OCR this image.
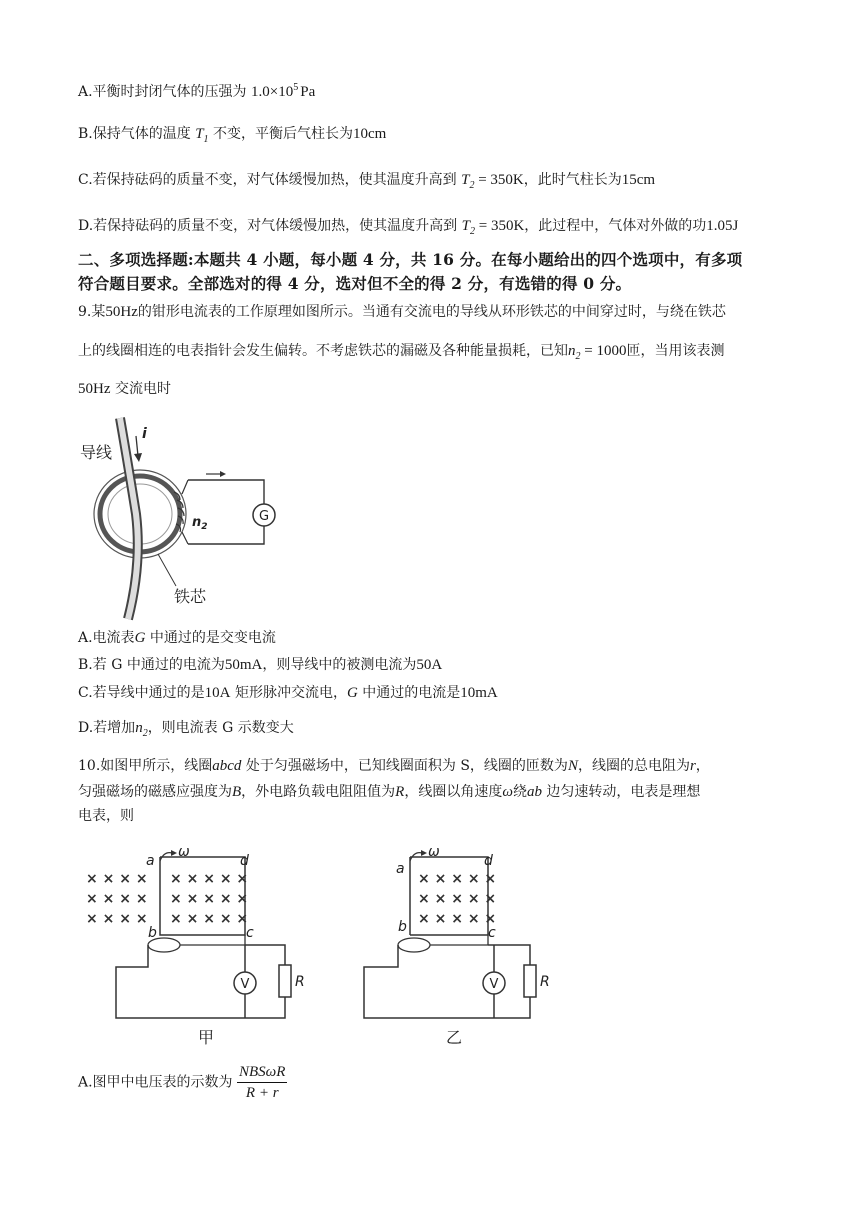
A.平衡时封闭气体的压强为 $1.0\times 10^5$ Pa
B.保持气体的温度 $T_1$ 不变，平衡后气柱长为10cm
C.若保持砝码的质量不变，对气体缓慢加热，使其温度升高到 $T_2 = 350K$，此时气柱长为15cm
D.若保持砝码的质量不变，对气体缓慢加热，使其温度升高到 $T_2 = 350K$，此过程中，气体对外做的功1.05J
二、多项选择题:本题共 4 小题，每小题 4 分，共 16 分。在每小题给出的四个选项中，有多项
符合题目要求。全部选对的得 4 分，选对但不全的得 2 分，有选错的得 0 分。
9.某50Hz的钳形电流表的工作原理如图所示。当通有交流电的导线从环形铁芯的中间穿过时，与绕在铁芯
上的线圈相连的电表指针会发生偏转。不考虑铁芯的漏磁及各种能量损耗，已知$n_2 = 1000$匝，当用该表测
50Hz 交流电时
G
i
导线
$n_2$
铁芯
A.电流表G 中通过的是交变电流
B.若 G 中通过的电流为50mA，则导线中的被测电流为50A
C.若导线中通过的是10A 矩形脉冲交流电，G 中通过的电流是10mA
D.若增加$n_2$，则电流表 G 示数变大
10.如图甲所示，线圈abcd 处于匀强磁场中，已知线圈面积为 S，线圈的匝数为N，线圈的总电阻为r，
匀强磁场的磁感应强度为B，外电路负载电阻阻值为R，线圈以角速度ω绕ab 边匀速转动，电表是理想
电表，则
× × × ×
× × × ×
× × × ×
× × × × ×
× × × × ×
× × × × ×
a
ω
d
b	c
V	R
甲
× × × × ×
× × × × ×
× × × × ×
a
ω
d
b	c
V	R
乙
A.图甲中电压表的示数为 $\frac{\text{NBSωR}}{R + r}$
